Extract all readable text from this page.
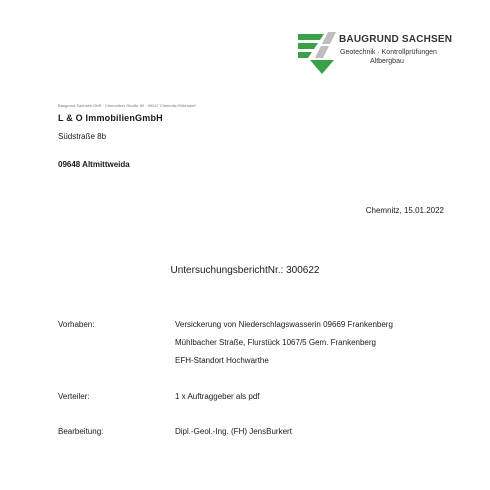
BAUGRUND SACHSEN
Geotechnik · Kontrollprüfungen
Altbergbau
Baugrund Sachsen GbR · Chemnitzer Straße 80 · 09247 Chemnitz-Röhrsdorf
L & O ImmobilienGmbH
Südstraße 8b
09648 Altmittweida
Chemnitz, 15.01.2022
UntersuchungsberichtNr.: 300622
Vorhaben:	Versickerung von Niederschlagswasserin 09669 Frankenberg
Mühlbacher Straße, Flurstück 1067/5 Gem. Frankenberg
EFH-Standort Hochwarthe
Verteiler:	1 x Auftraggeber als pdf
Bearbeitung:	Dipl.-Geol.-Ing. (FH) JensBurkert
